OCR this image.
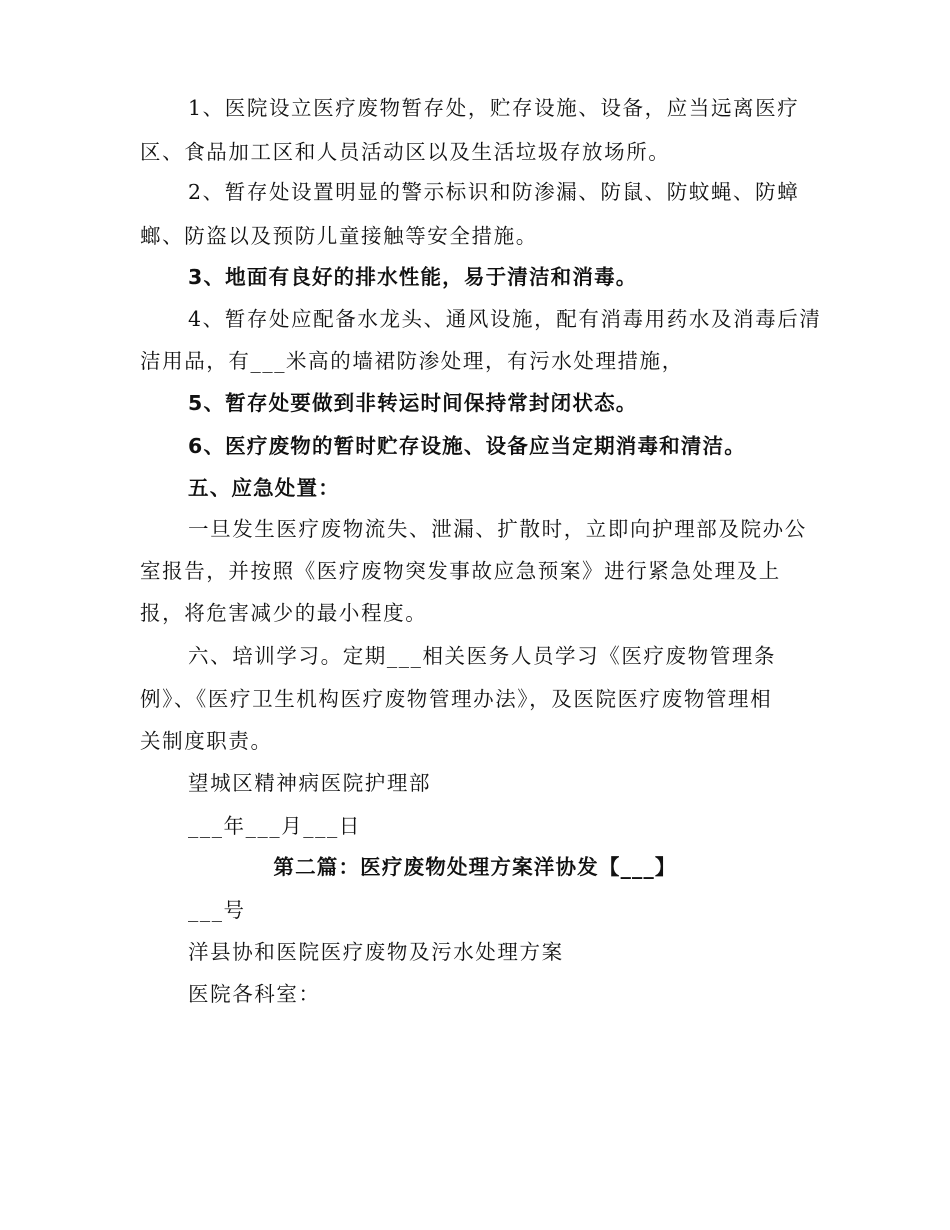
1、医院设立医疗废物暂存处，贮存设施、设备，应当远离医疗
区、食品加工区和人员活动区以及生活垃圾存放场所。
2、暂存处设置明显的警示标识和防渗漏、防鼠、防蚊蝇、防蟑
螂、防盗以及预防儿童接触等安全措施。
3、地面有良好的排水性能，易于清洁和消毒。
4、暂存处应配备水龙头、通风设施，配有消毒用药水及消毒后清
洁用品，有___米高的墙裙防渗处理，有污水处理措施，
5、暂存处要做到非转运时间保持常封闭状态。
6、医疗废物的暂时贮存设施、设备应当定期消毒和清洁。
五、应急处置：
一旦发生医疗废物流失、泄漏、扩散时，立即向护理部及院办公
室报告，并按照《医疗废物突发事故应急预案》进行紧急处理及上
报，将危害减少的最小程度。
六、培训学习。定期___相关医务人员学习《医疗废物管理条
例》、《医疗卫生机构医疗废物管理办法》，及医院医疗废物管理相
关制度职责。
望城区精神病医院护理部
___年___月___日
第二篇：医疗废物处理方案洋协发【___】
___号
洋县协和医院医疗废物及污水处理方案
医院各科室：
